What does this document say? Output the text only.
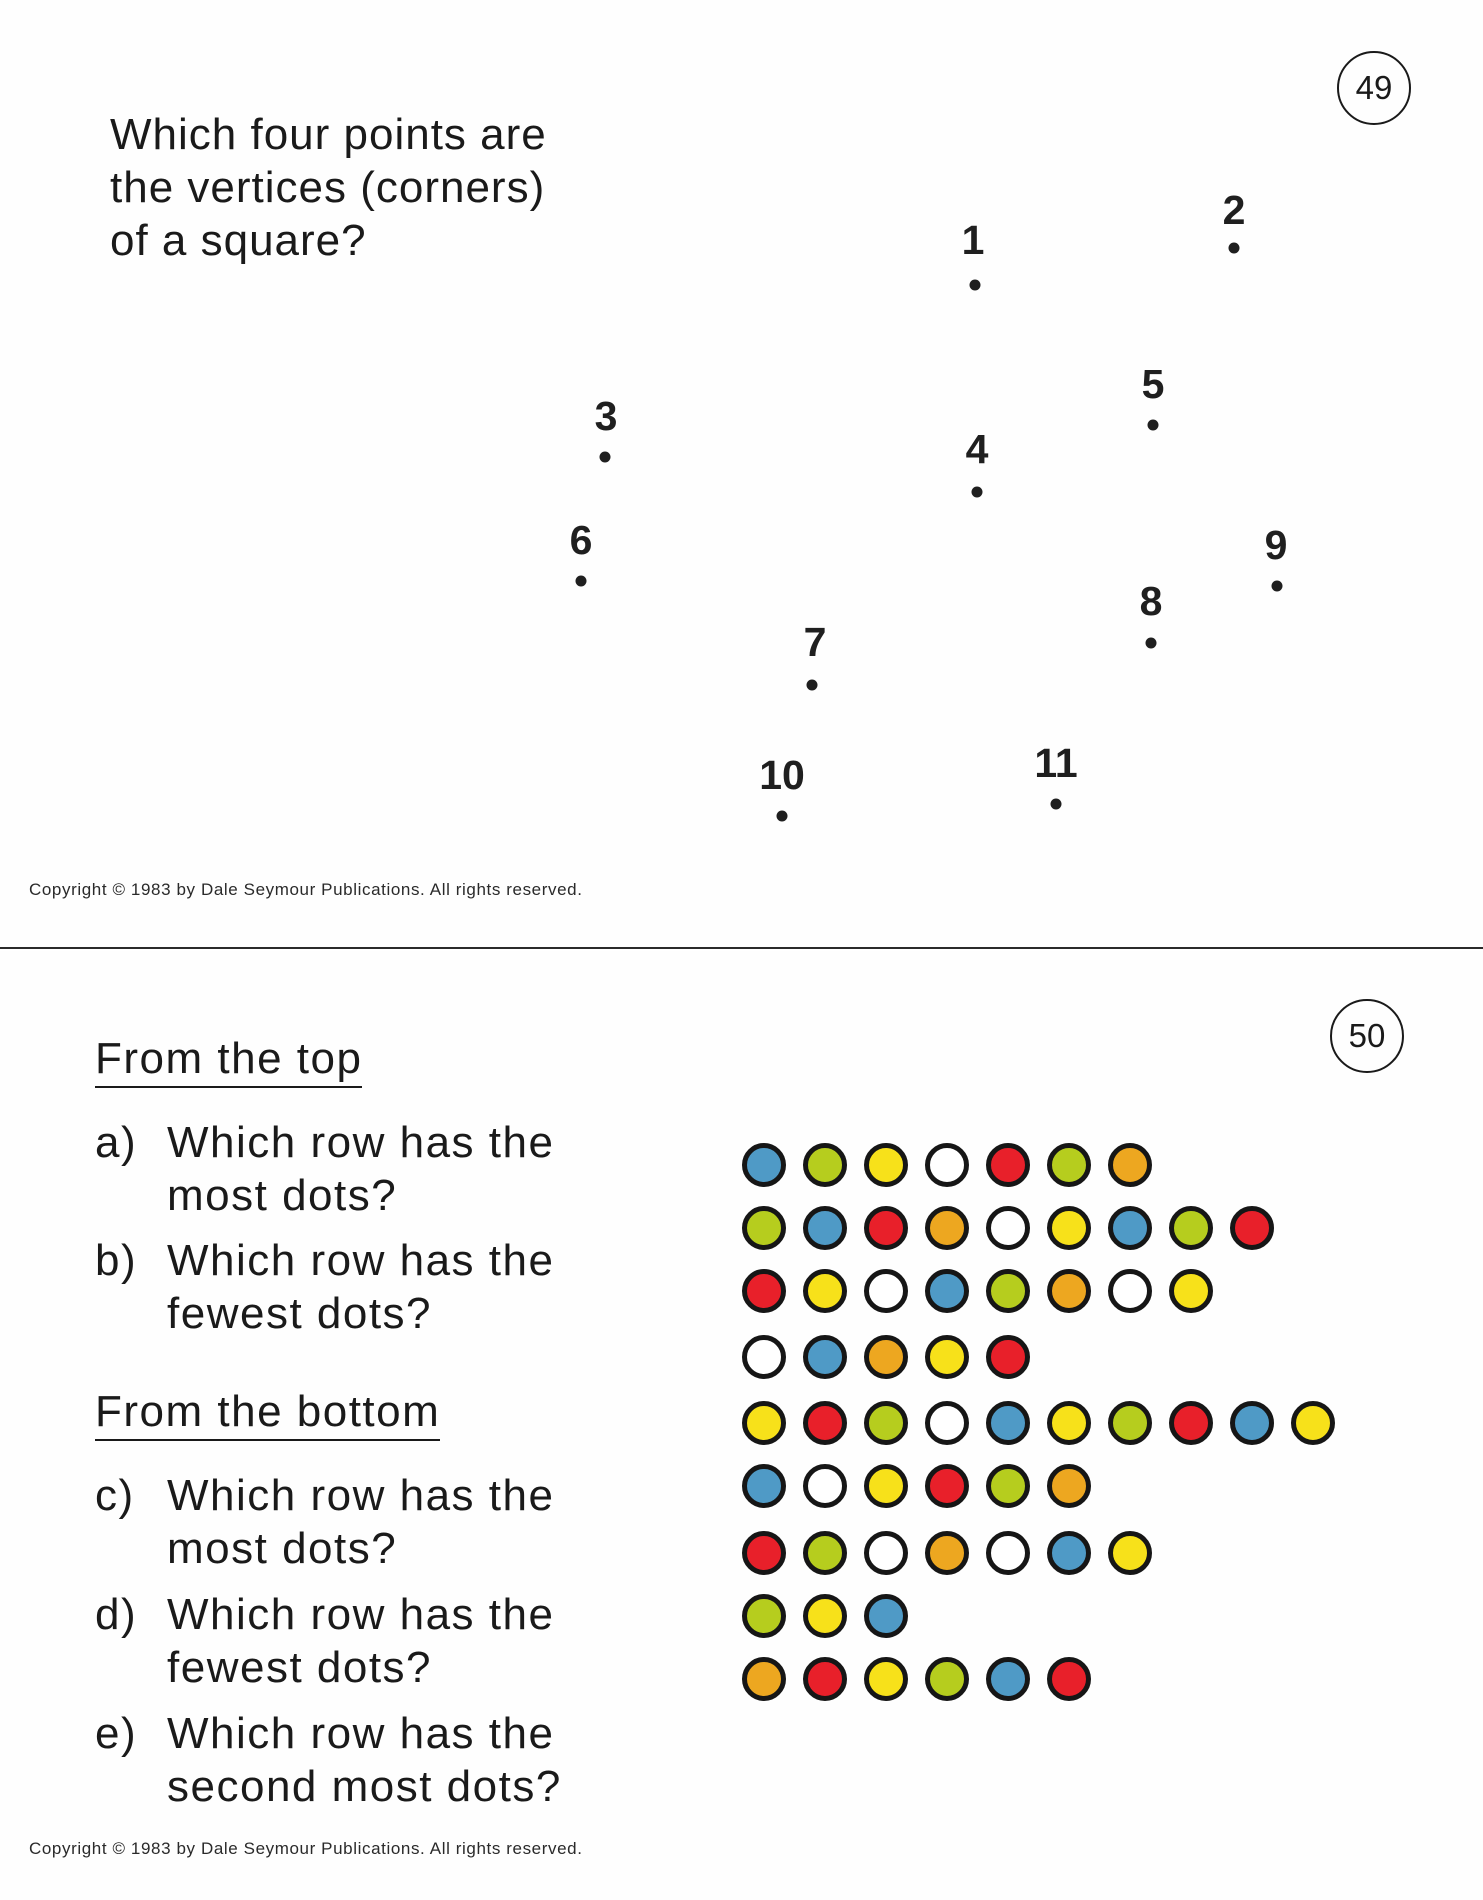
49
Which four points are the vertices (corners) of a square?	1
2
3
4
5
6
7
8
9
10	11
Copyright © 1983 by Dale Seymour Publications. All rights reserved.
50
From the top
a) Which row has the most dots?
b) Which row has the fewest dots?
From the bottom
c) Which row has the most dots?
d) Which row has the fewest dots?
e) Which row has the second most dots?
Copyright © 1983 by Dale Seymour Publications. All rights reserved.
